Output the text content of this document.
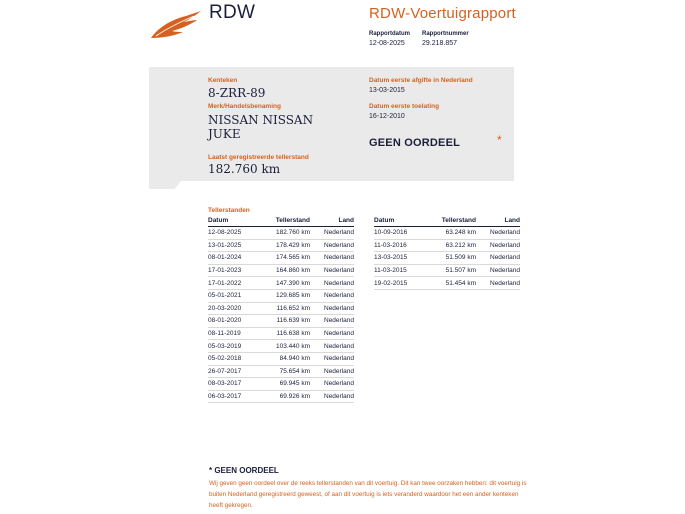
RDW	RDW-Voertuigrapport
Rapportdatum
12-08-2025
Rapportnummer
29.218.857
Kenteken
8-ZRR-89
Merk/Handelsbenaming
NISSAN NISSAN
JUKE
Laatst geregistreerde tellerstand
182.760 km
Datum eerste afgifte in Nederland
13-03-2015
Datum eerste toelating
16-12-2010
GEEN OORDEEL	*
Tellerstanden
Datum	Tellerstand	Land
12-08-2025	182.760 km	Nederland
13-01-2025	178.429 km	Nederland
08-01-2024	174.565 km	Nederland
17-01-2023	164.860 km	Nederland
17-01-2022	147.390 km	Nederland
05-01-2021	129.685 km	Nederland
20-03-2020	116.652 km	Nederland
08-01-2020	116.639 km	Nederland
08-11-2019	116.638 km	Nederland
05-03-2019	103.440 km	Nederland
05-02-2018	84.940 km	Nederland
26-07-2017	75.654 km	Nederland
08-03-2017	69.945 km	Nederland
06-03-2017	69.926 km	Nederland
Datum	Tellerstand	Land
10-09-2016	63.248 km	Nederland
11-03-2016	63.212 km	Nederland
13-03-2015	51.509 km	Nederland
11-03-2015	51.507 km	Nederland
19-02-2015	51.454 km	Nederland
* GEEN OORDEEL
Wij geven geen oordeel over de reeks tellerstanden van dit voertuig. Dit kan twee oorzaken hebben: dit voertuig is buiten Nederland geregistreerd geweest, of aan dit voertuig is iets veranderd waardoor het een ander kenteken heeft gekregen.
